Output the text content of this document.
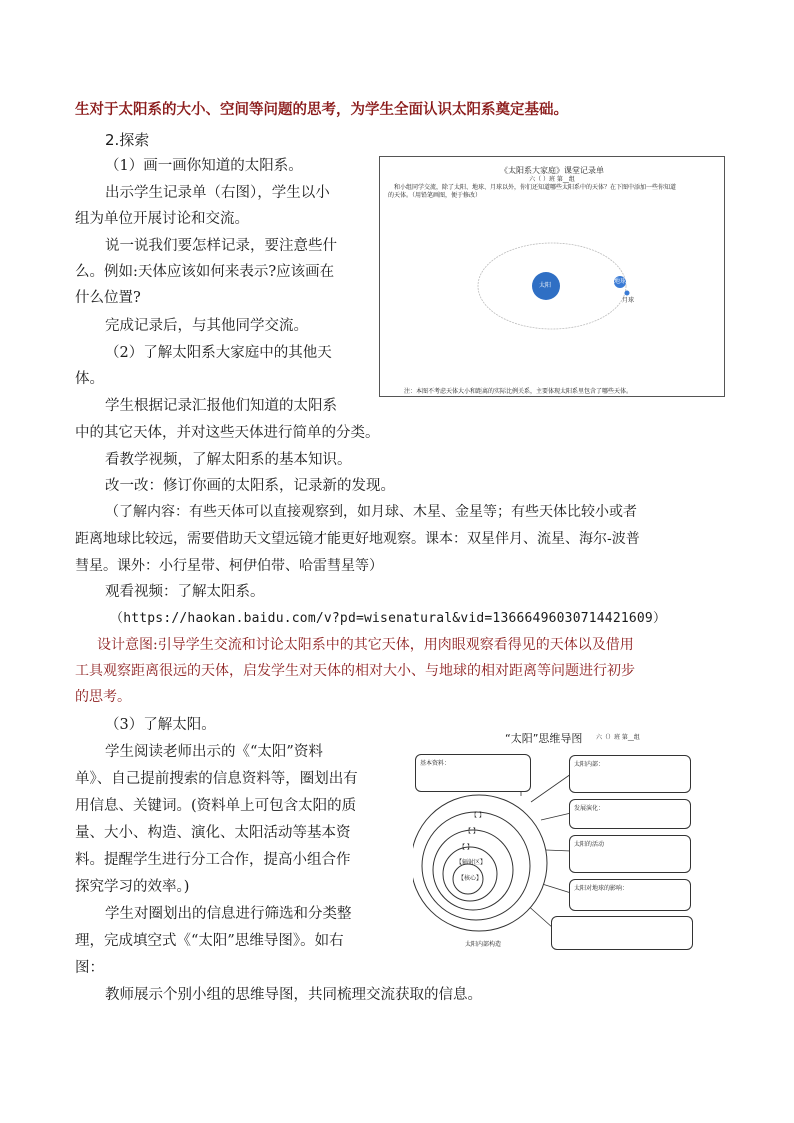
生对于太阳系的大小、空间等问题的思考，为学生全面认识太阳系奠定基础。
2.探索
（1）画一画你知道的太阳系。
出示学生记录单（右图），学生以小
组为单位开展讨论和交流。
说一说我们要怎样记录，要注意些什
么。例如:天体应该如何来表示?应该画在
什么位置?
完成记录后，与其他同学交流。
（2）了解太阳系大家庭中的其他天
体。
学生根据记录汇报他们知道的太阳系
中的其它天体，并对这些天体进行简单的分类。
看教学视频，了解太阳系的基本知识。
改一改：修订你画的太阳系，记录新的发现。
（了解内容：有些天体可以直接观察到，如月球、木星、金星等；有些天体比较小或者
距离地球比较远，需要借助天文望远镜才能更好地观察。课本：双星伴月、流星、海尔-波普
彗星。课外：小行星带、柯伊伯带、哈雷彗星等）
观看视频：了解太阳系。
（https://haokan.baidu.com/v?pd=wisenatural&vid=13666496030714421609）
设计意图:引导学生交流和讨论太阳系中的其它天体，用肉眼观察看得见的天体以及借用
工具观察距离很远的天体，启发学生对天体的相对大小、与地球的相对距离等问题进行初步
的思考。
（3）了解太阳。
学生阅读老师出示的《“太阳”资料
单》、自己提前搜索的信息资料等，圈划出有
用信息、关键词。(资料单上可包含太阳的质
量、大小、构造、演化、太阳活动等基本资
料。提醒学生进行分工合作，提高小组合作
探究学习的效率。)
学生对圈划出的信息进行筛选和分类整
理，完成填空式《“太阳”思维导图》。如右
图：
教师展示个别小组的思维导图，共同梳理交流获取的信息。
《太阳系大家庭》课堂记录单
六（ ）班 第__组
和小组同学交流，除了太阳、地球、月球以外，你们还知道哪些太阳系中的天体？在下图中添加一些你知道
的天体。（用铅笔画图，便于修改）
太阳
地球
月球
注：本图不考虑天体大小和距离的实际比例关系，主要体现太阳系里包含了哪些天体。
“太阳”思维导图 六（）班 第__组
基本资料：	太阳内部：
发展演化：
太阳的活动
太阳对地球的影响：
【 】
【 】
【 】
【辐射区】
【核心】
太阳内部构造
